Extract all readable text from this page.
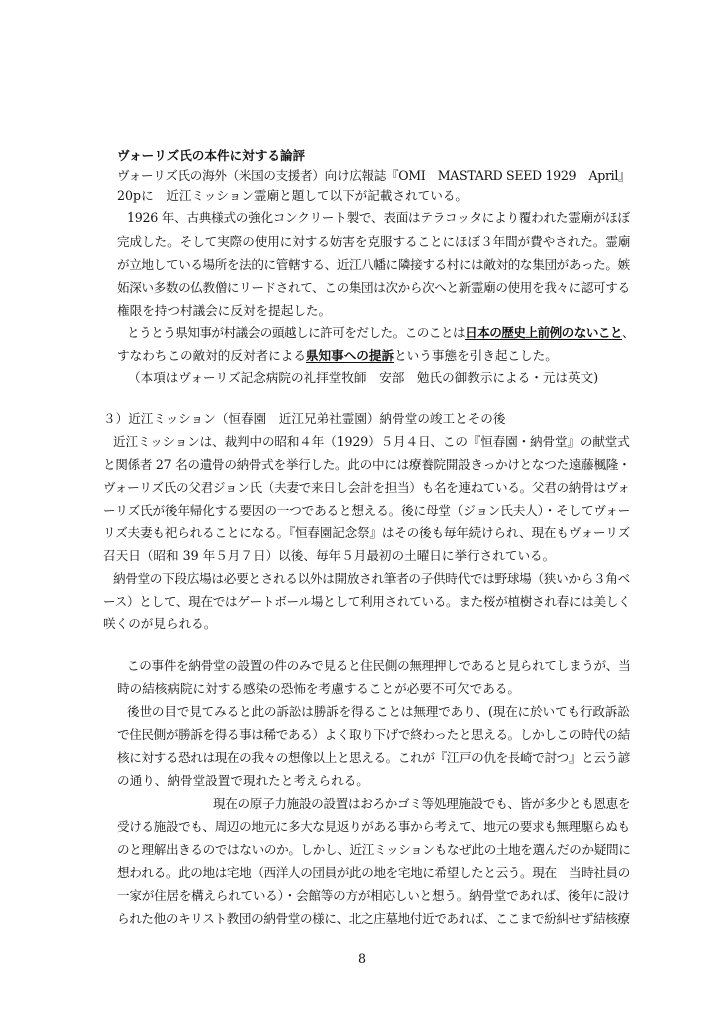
ヴォーリズ氏の本件に対する論評
ヴォーリズ氏の海外（米国の支援者）向け広報誌『OMI　MASTARD SEED 1929　April』
20pに　近江ミッション霊廟と題して以下が記載されている。
1926 年、古典様式の強化コンクリート製で、表面はテラコッタにより覆われた霊廟がほぼ
完成した。そして実際の使用に対する妨害を克服することにほぼ３年間が費やされた。霊廟
が立地している場所を法的に管轄する、近江八幡に隣接する村には敵対的な集団があった。嫉
妬深い多数の仏教僧にリードされて、この集団は次から次へと新霊廟の使用を我々に認可する
権限を持つ村議会に反対を提起した。
とうとう県知事が村議会の頭越しに許可をだした。このことは日本の歴史上前例のないこと、
すなわちこの敵対的反対者による県知事への提訴という事態を引き起こした。
（本項はヴォーリズ記念病院の礼拝堂牧師　安部　勉氏の御教示による・元は英文)
３）近江ミッション（恒春園　近江兄弟社霊園）納骨堂の竣工とその後
近江ミッションは、裁判中の昭和４年（1929）５月４日、この『恒春園・納骨堂』の献堂式
と関係者 27 名の遺骨の納骨式を挙行した。此の中には療養院開設きっかけとなつた遠藤楓隆・
ヴォーリズ氏の父君ジョン氏（夫妻で来日し会計を担当）も名を連ねている。父君の納骨はヴォ
ーリズ氏が後年帰化する要因の一つであると想える。後に母堂（ジョン氏夫人）・そしてヴォー
リズ夫妻も祀られることになる。『恒春園記念祭』はその後も毎年続けられ、現在もヴォーリズ
召天日（昭和 39 年５月７日）以後、毎年５月最初の土曜日に挙行されている。
納骨堂の下段広場は必要とされる以外は開放され筆者の子供時代では野球場（狭いから３角ベ
ース）として、現在ではゲートボール場として利用されている。また桜が植樹され春には美しく
咲くのが見られる。
この事件を納骨堂の設置の件のみで見ると住民側の無理押しであると見られてしまうが、当
時の結核病院に対する感染の恐怖を考慮することが必要不可欠である。
後世の目で見てみると此の訴訟は勝訴を得ることは無理であり、(現在に於いても行政訴訟
で住民側が勝訴を得る事は稀である）よく取り下げで終わったと思える。しかしこの時代の結
核に対する恐れは現在の我々の想像以上と思える。これが『江戸の仇を長崎で討つ』と云う諺
の通り、納骨堂設置で現れたと考えられる。
現在の原子力施設の設置はおろかゴミ等処理施設でも、皆が多少とも恩恵を
受ける施設でも、周辺の地元に多大な見返りがある事から考えて、地元の要求も無理駆らぬも
のと理解出きるのではないのか。しかし、近江ミッションもなぜ此の土地を選んだのか疑問に
想われる。此の地は宅地（西洋人の団員が此の地を宅地に希望したと云う。現在　当時社員の
一家が住居を構えられている）・会館等の方が相応しいと想う。納骨堂であれば、後年に設け
られた他のキリスト教団の納骨堂の様に、北之庄墓地付近であれば、ここまで紛糾せず結核療
8
